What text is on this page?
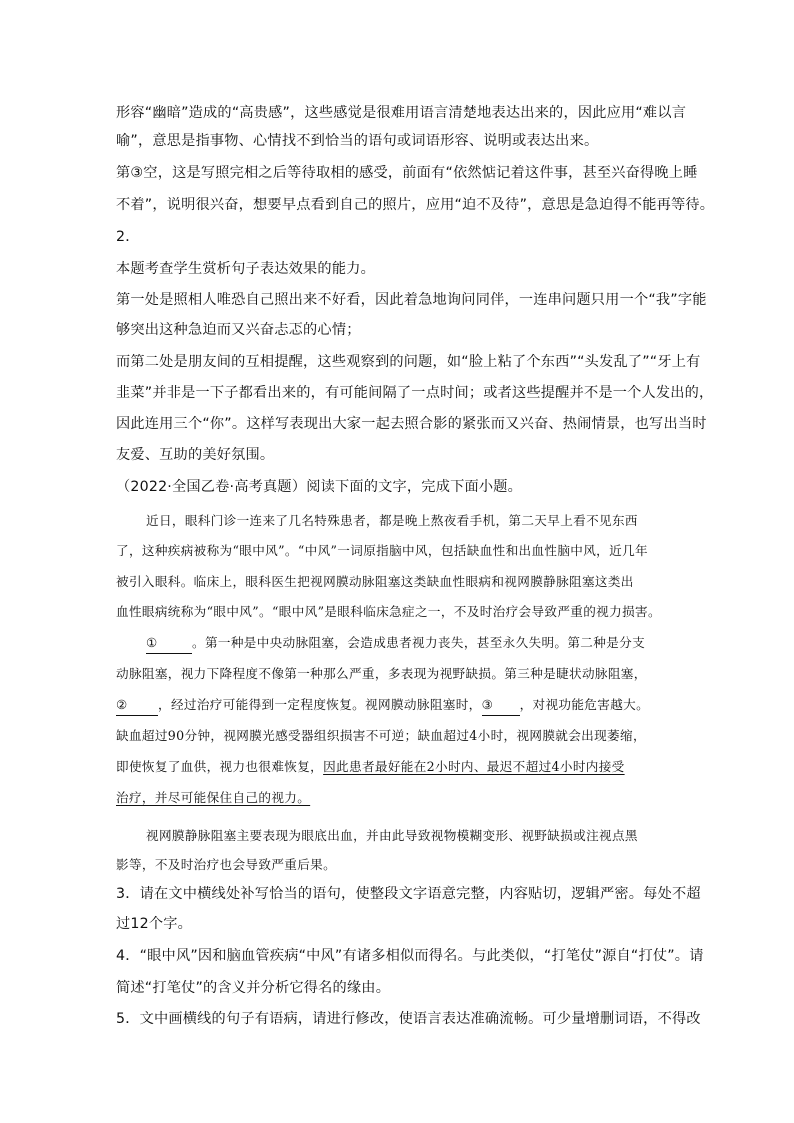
形容“幽暗”造成的“高贵感”，这些感觉是很难用语言清楚地表达出来的，因此应用“难以言
喻”，意思是指事物、心情找不到恰当的语句或词语形容、说明或表达出来。
第③空，这是写照完相之后等待取相的感受，前面有“依然惦记着这件事，甚至兴奋得晚上睡
不着”，说明很兴奋，想要早点看到自己的照片，应用“迫不及待”，意思是急迫得不能再等待。
2．
本题考查学生赏析句子表达效果的能力。
第一处是照相人唯恐自己照出来不好看，因此着急地询问同伴，一连串问题只用一个“我”字能
够突出这种急迫而又兴奋忐忑的心情；
而第二处是朋友间的互相提醒，这些观察到的问题，如“脸上粘了个东西”“头发乱了”“牙上有
韭菜”并非是一下子都看出来的，有可能间隔了一点时间；或者这些提醒并不是一个人发出的，
因此连用三个“你”。这样写表现出大家一起去照合影的紧张而又兴奋、热闹情景，也写出当时
友爱、互助的美好氛围。
（2022·全国乙卷·高考真题）阅读下面的文字，完成下面小题。
近日，眼科门诊一连来了几名特殊患者，都是晚上熬夜看手机，第二天早上看不见东西
了，这种疾病被称为“眼中风”。“中风”一词原指脑中风，包括缺血性和出血性脑中风，近几年
被引入眼科。临床上，眼科医生把视网膜动脉阻塞这类缺血性眼病和视网膜静脉阻塞这类出
血性眼病统称为“眼中风”。“眼中风”是眼科临床急症之一，不及时治疗会导致严重的视力损害。
①	。第一种是中央动脉阻塞，会造成患者视力丧失，甚至永久失明。第二种是分支
动脉阻塞，视力下降程度不像第一种那么严重，多表现为视野缺损。第三种是睫状动脉阻塞，
② ，经过治疗可能得到一定程度恢复。视网膜动脉阻塞时，③ ，对视功能危害越大。
缺血超过90分钟，视网膜光感受器组织损害不可逆；缺血超过4小时，视网膜就会出现萎缩，
即使恢复了血供，视力也很难恢复，因此患者最好能在2小时内、最迟不超过4小时内接受
治疗，并尽可能保住自己的视力。
视网膜静脉阻塞主要表现为眼底出血，并由此导致视物模糊变形、视野缺损或注视点黑
影等，不及时治疗也会导致严重后果。
3．请在文中横线处补写恰当的语句，使整段文字语意完整，内容贴切，逻辑严密。每处不超
过12个字。
4．“眼中风”因和脑血管疾病“中风”有诸多相似而得名。与此类似，“打笔仗”源自“打仗”。请
简述“打笔仗”的含义并分析它得名的缘由。
5．文中画横线的句子有语病，请进行修改，使语言表达准确流畅。可少量增删词语，不得改
